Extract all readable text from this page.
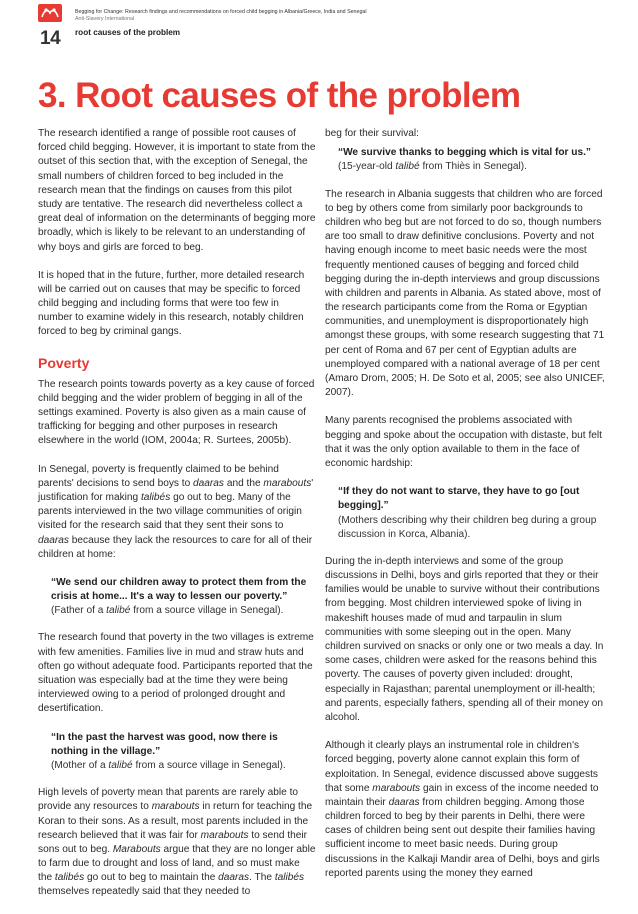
14
Begging for Change: Research findings and recommendations on forced child begging in Albania/Greece, India and Senegal
Anti-Slavery International
root causes of the problem
3. Root causes of the problem

The research identified a range of possible root causes of forced child begging. However, it is important to state from the outset of this section that, with the exception of Senegal, the small numbers of children forced to beg included in the research mean that the findings on causes from this pilot study are tentative. The research did nevertheless collect a great deal of information on the determinants of begging more broadly, which is likely to be relevant to an understanding of why boys and girls are forced to beg.

It is hoped that in the future, further, more detailed research will be carried out on causes that may be specific to forced child begging and including forms that were too few in number to examine widely in this research, notably children forced to beg by criminal gangs.

Poverty

The research points towards poverty as a key cause of forced child begging and the wider problem of begging in all of the settings examined. Poverty is also given as a main cause of trafficking for begging and other purposes in research elsewhere in the world (IOM, 2004a; R. Surtees, 2005b).

In Senegal, poverty is frequently claimed to be behind parents' decisions to send boys to daaras and the marabouts' justification for making talibés go out to beg. Many of the parents interviewed in the two village communities of origin visited for the research said that they sent their sons to daaras because they lack the resources to care for all of their children at home:

“We send our children away to protect them from the crisis at home... It's a way to lessen our poverty.”
(Father of a talibé from a source village in Senegal).

The research found that poverty in the two villages is extreme with few amenities. Families live in mud and straw huts and often go without adequate food. Participants reported that the situation was especially bad at the time they were being interviewed owing to a period of prolonged drought and desertification.

“In the past the harvest was good, now there is nothing in the village.”
(Mother of a talibé from a source village in Senegal).

High levels of poverty mean that parents are rarely able to provide any resources to marabouts in return for teaching the Koran to their sons. As a result, most parents included in the research believed that it was fair for marabouts to send their sons out to beg. Marabouts argue that they are no longer able to farm due to drought and loss of land, and so must make the talibés go out to beg to maintain the daaras. The talibés themselves repeatedly said that they needed to

beg for their survival:

“We survive thanks to begging which is vital for us.”
(15-year-old talibé from Thiès in Senegal).

The research in Albania suggests that children who are forced to beg by others come from similarly poor backgrounds to children who beg but are not forced to do so, though numbers are too small to draw definitive conclusions. Poverty and not having enough income to meet basic needs were the most frequently mentioned causes of begging and forced child begging during the in-depth interviews and group discussions with children and parents in Albania. As stated above, most of the research participants come from the Roma or Egyptian communities, and unemployment is disproportionately high amongst these groups, with some research suggesting that 71 per cent of Roma and 67 per cent of Egyptian adults are unemployed compared with a national average of 18 per cent (Amaro Drom, 2005; H. De Soto et al, 2005; see also UNICEF, 2007).

Many parents recognised the problems associated with begging and spoke about the occupation with distaste, but felt that it was the only option available to them in the face of economic hardship:

“If they do not want to starve, they have to go [out begging].”
(Mothers describing why their children beg during a group discussion in Korca, Albania).

During the in-depth interviews and some of the group discussions in Delhi, boys and girls reported that they or their families would be unable to survive without their contributions from begging. Most children interviewed spoke of living in makeshift houses made of mud and tarpaulin in slum communities with some sleeping out in the open. Many children survived on snacks or only one or two meals a day. In some cases, children were asked for the reasons behind this poverty. The causes of poverty given included: drought, especially in Rajasthan; parental unemployment or ill-health; and parents, especially fathers, spending all of their money on alcohol.

Although it clearly plays an instrumental role in children's forced begging, poverty alone cannot explain this form of exploitation. In Senegal, evidence discussed above suggests that some marabouts gain in excess of the income needed to maintain their daaras from children begging. Among those children forced to beg by their parents in Delhi, there were cases of children being sent out despite their families having sufficient income to meet basic needs. During group discussions in the Kalkaji Mandir area of Delhi, boys and girls reported parents using the money they earned
